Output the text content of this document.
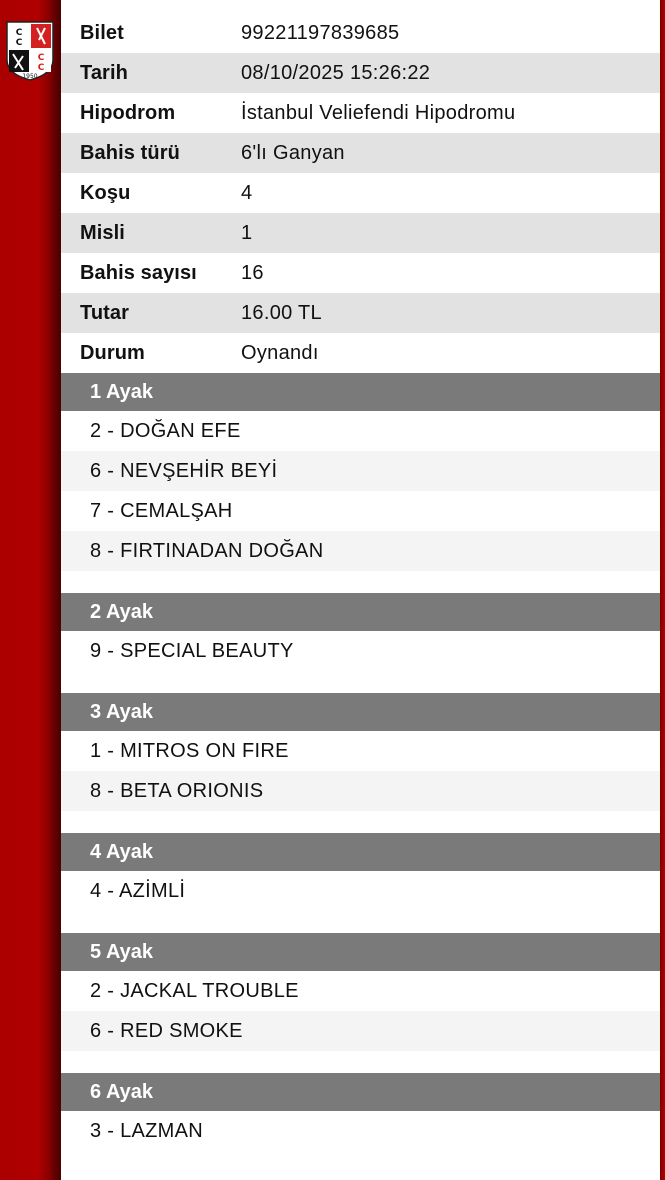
C
C
C
C
1950
Bilet	99221197839685
Tarih	08/10/2025 15:26:22
Hipodrom	İstanbul Veliefendi Hipodromu
Bahis türü	6'lı Ganyan
Koşu	4
Misli	1
Bahis sayısı	16
Tutar	16.00 TL
Durum	Oynandı
1 Ayak
2 - DOĞAN EFE
6 - NEVŞEHİR BEYİ
7 - CEMALŞAH
8 - FIRTINADAN DOĞAN
2 Ayak
9 - SPECIAL BEAUTY
3 Ayak
1 - MITROS ON FIRE
8 - BETA ORIONIS
4 Ayak
4 - AZİMLİ
5 Ayak
2 - JACKAL TROUBLE
6 - RED SMOKE
6 Ayak
3 - LAZMAN
